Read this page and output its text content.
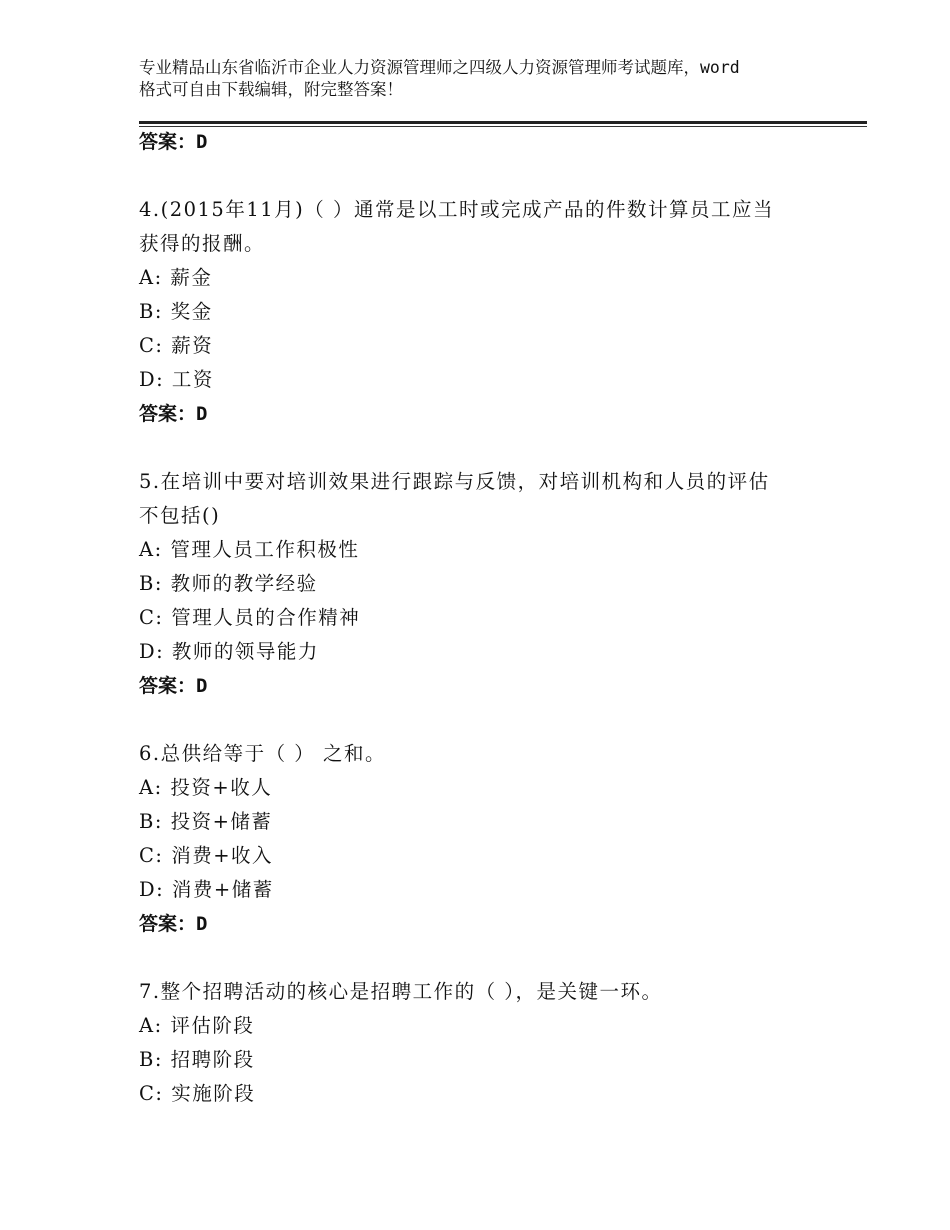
专业精品山东省临沂市企业人力资源管理师之四级人力资源管理师考试题库，word
格式可自由下载编辑，附完整答案！
答案：D
4.(2015年11月)（ ）通常是以工时或完成产品的件数计算员工应当
获得的报酬。
A: 薪金
B: 奖金
C: 薪资
D: 工资
答案：D
5.在培训中要对培训效果进行跟踪与反馈，对培训机构和人员的评估
不包括()
A: 管理人员工作积极性
B: 教师的教学经验
C: 管理人员的合作精神
D: 教师的领导能力
答案：D
6.总供给等于（ ） 之和。
A: 投资+收人
B: 投资+储蓄
C: 消费+收入
D: 消费+储蓄
答案：D
7.整个招聘活动的核心是招聘工作的（ ），是关键一环。
A: 评估阶段
B: 招聘阶段
C: 实施阶段
